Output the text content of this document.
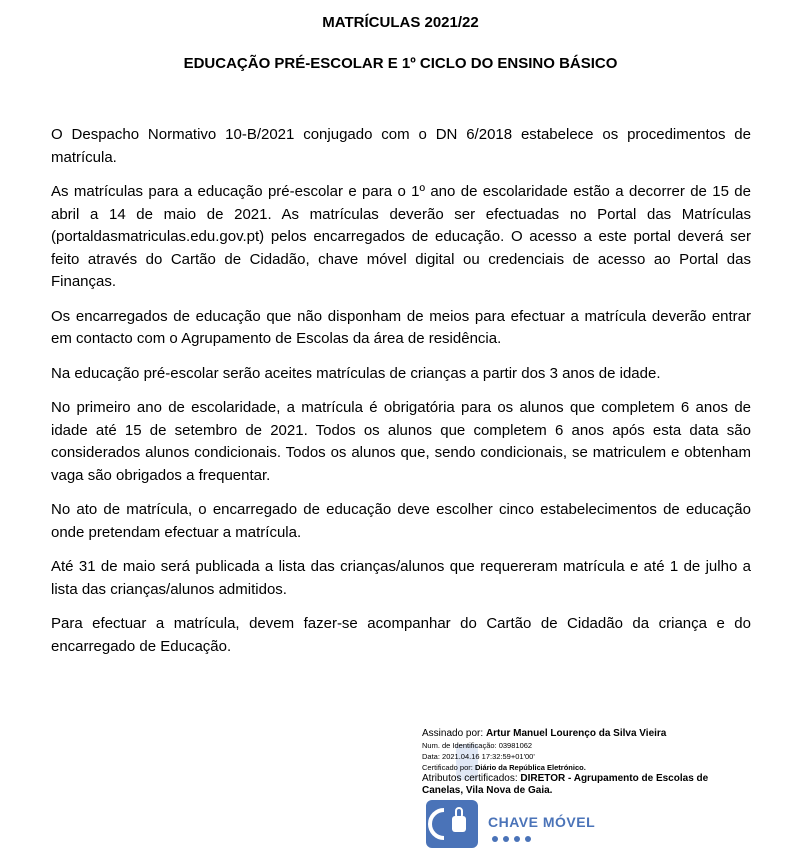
MATRÍCULAS 2021/22
EDUCAÇÃO PRÉ-ESCOLAR E 1º CICLO DO ENSINO BÁSICO

O Despacho Normativo 10-B/2021 conjugado com o DN 6/2018 estabelece os procedimentos de matrícula.

As matrículas para a educação pré-escolar e para o 1º ano de escolaridade estão a decorrer de 15 de abril a 14 de maio de 2021. As matrículas deverão ser efectuadas no Portal das Matrículas (portaldasmatriculas.edu.gov.pt) pelos encarregados de educação. O acesso a este portal deverá ser feito através do Cartão de Cidadão, chave móvel digital ou credenciais de acesso ao Portal das Finanças.

Os encarregados de educação que não disponham de meios para efectuar a matrícula deverão entrar em contacto com o Agrupamento de Escolas da área de residência.

Na educação pré-escolar serão aceites matrículas de crianças a partir dos 3 anos de idade.

No primeiro ano de escolaridade, a matrícula é obrigatória para os alunos que completem 6 anos de idade até 15 de setembro de 2021. Todos os alunos que completem 6 anos após esta data são considerados alunos condicionais. Todos os alunos que, sendo condicionais, se matriculem e obtenham vaga são obrigados a frequentar.

No ato de matrícula, o encarregado de educação deve escolher cinco estabelecimentos de educação onde pretendam efectuar a matrícula.

Até 31 de maio será publicada a lista das crianças/alunos que requereram matrícula e até 1 de julho a lista das crianças/alunos admitidos.

Para efectuar a matrícula, devem fazer-se acompanhar do Cartão de Cidadão da criança e do encarregado de Educação.

Assinado por: Artur Manuel Lourenço da Silva Vieira

Num. de Identificação: 03981062

Data: 2021.04.16 17:32:59+01'00'

Certificado por: Diário da República Eletrónico.

Atributos certificados: DIRETOR - Agrupamento de Escolas de Canelas, Vila Nova de Gaia.

CHAVE MÓVEL
